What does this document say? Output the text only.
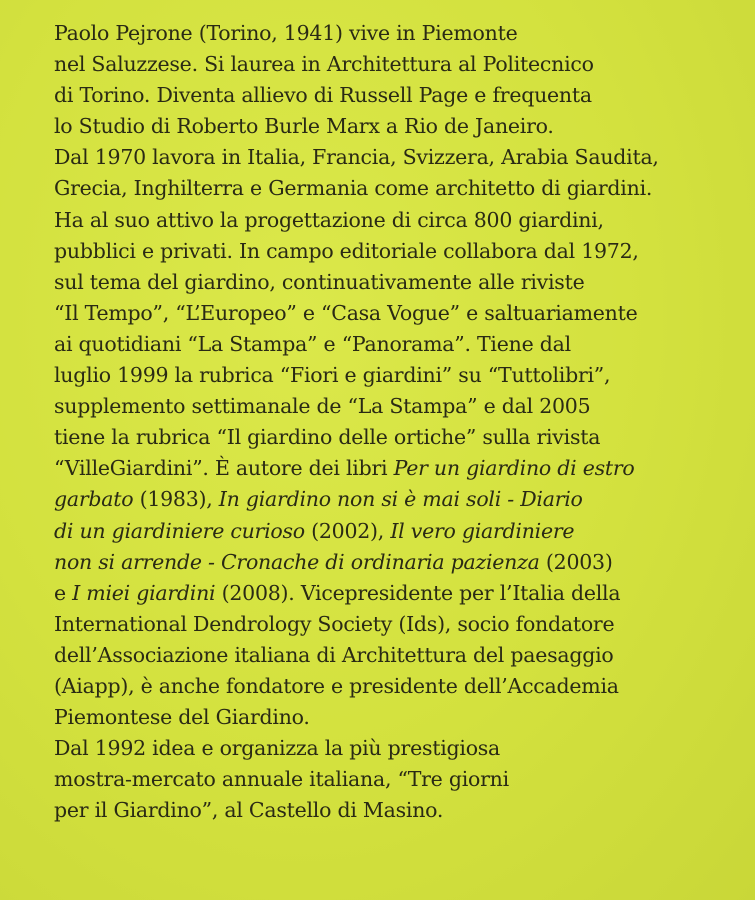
Paolo Pejrone (Torino, 1941) vive in Piemonte
nel Saluzzese. Si laurea in Architettura al Politecnico
di Torino. Diventa allievo di Russell Page e frequenta
lo Studio di Roberto Burle Marx a Rio de Janeiro.
Dal 1970 lavora in Italia, Francia, Svizzera, Arabia Saudita,
Grecia, Inghilterra e Germania come architetto di giardini.
Ha al suo attivo la progettazione di circa 800 giardini,
pubblici e privati. In campo editoriale collabora dal 1972,
sul tema del giardino, continuativamente alle riviste
“Il Tempo”, “L’Europeo” e “Casa Vogue” e saltuariamente
ai quotidiani “La Stampa” e “Panorama”. Tiene dal
luglio 1999 la rubrica “Fiori e giardini” su “Tuttolibri”,
supplemento settimanale de “La Stampa” e dal 2005
tiene la rubrica “Il giardino delle ortiche” sulla rivista
“VilleGiardini”. È autore dei libri Per un giardino di estro
garbato (1983), In giardino non si è mai soli - Diario
di un giardiniere curioso (2002), Il vero giardiniere
non si arrende - Cronache di ordinaria pazienza (2003)
e I miei giardini (2008). Vicepresidente per l’Italia della
International Dendrology Society (Ids), socio fondatore
dell’Associazione italiana di Architettura del paesaggio
(Aiapp), è anche fondatore e presidente dell’Accademia
Piemontese del Giardino.
Dal 1992 idea e organizza la più prestigiosa
mostra-mercato annuale italiana, “Tre giorni
per il Giardino”, al Castello di Masino.
